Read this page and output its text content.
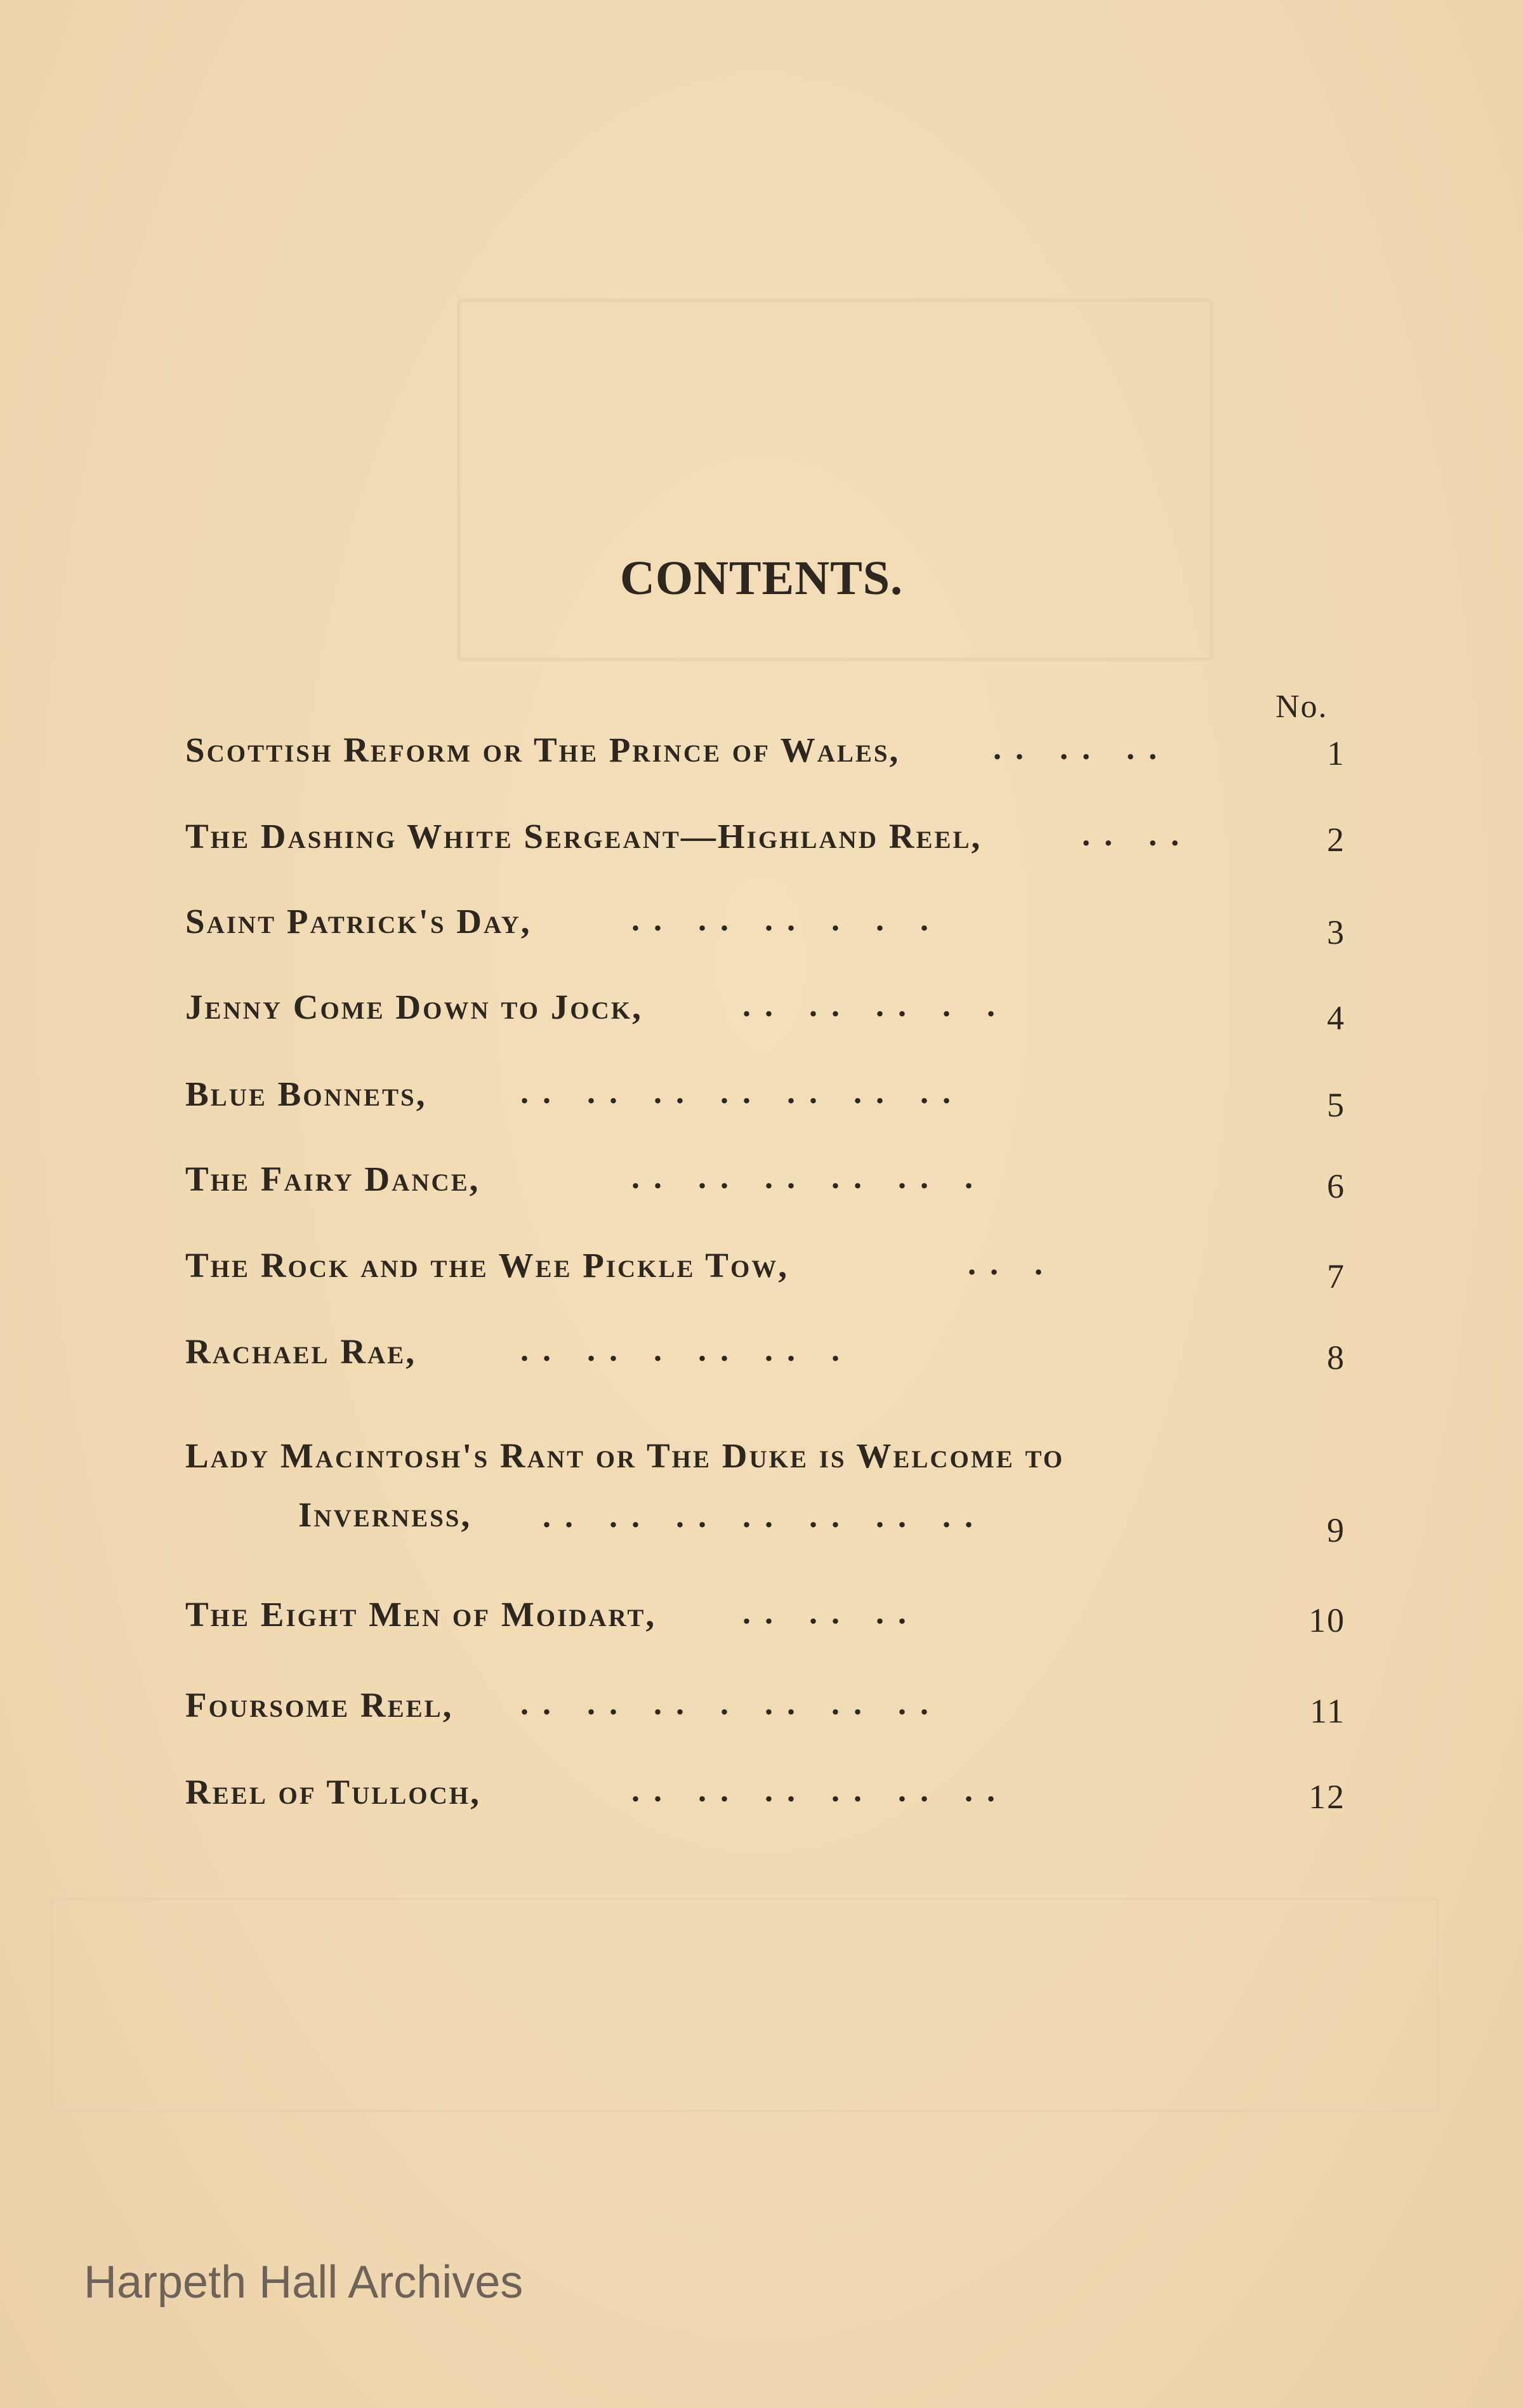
CONTENTS.
No.
Scottish Reform or The Prince of Wales,	.. .. ..	1
The Dashing White Sergeant—Highland Reel,	.. ..	2
Saint Patrick's Day,	.. .. .. . . .	3
Jenny Come Down to Jock,	.. .. .. . .	4
Blue Bonnets,	.. .. .. .. .. .. ..	5
The Fairy Dance,	.. .. .. .. .. .	6
The Rock and the Wee Pickle Tow,	.. .	7
Rachael Rae,	.. .. . .. .. .	8
Lady Macintosh's Rant or The Duke is Welcome to
Inverness, .. .. .. .. .. .. ..	9
The Eight Men of Moidart,	.. .. ..	10
Foursome Reel, .. .. .. . .. .. ..	11
Reel of Tulloch,	.. .. .. .. .. ..	12
Harpeth Hall Archives
